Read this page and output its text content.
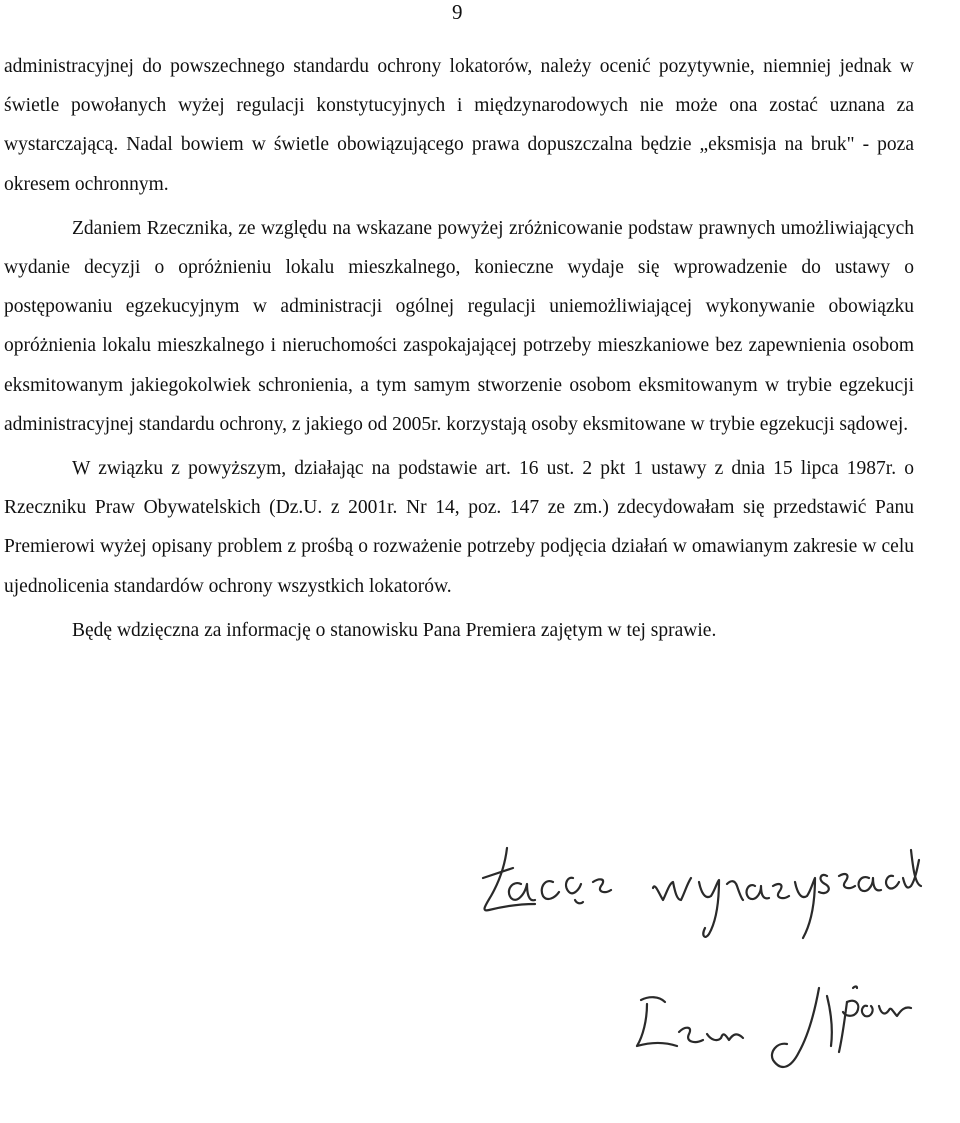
9

administracyjnej do powszechnego standardu ochrony lokatorów, należy ocenić pozytywnie, niemniej jednak w świetle powołanych wyżej regulacji konstytucyjnych i międzynarodowych nie może ona zostać uznana za wystarczającą. Nadal bowiem w świetle obowiązującego prawa dopuszczalna będzie „eksmisja na bruk" - poza okresem ochronnym.

Zdaniem Rzecznika, ze względu na wskazane powyżej zróżnicowanie podstaw prawnych umożliwiających wydanie decyzji o opróżnieniu lokalu mieszkalnego, konieczne wydaje się wprowadzenie do ustawy o postępowaniu egzekucyjnym w administracji ogólnej regulacji uniemożliwiającej wykonywanie obowiązku opróżnienia lokalu mieszkalnego i nieruchomości zaspokajającej potrzeby mieszkaniowe bez zapewnienia osobom eksmitowanym jakiegokolwiek schronienia, a tym samym stworzenie osobom eksmitowanym w trybie egzekucji administracyjnej standardu ochrony, z jakiego od 2005r. korzystają osoby eksmitowane w trybie egzekucji sądowej.

W związku z powyższym, działając na podstawie art. 16 ust. 2 pkt 1 ustawy z dnia 15 lipca 1987r. o Rzeczniku Praw Obywatelskich (Dz.U. z 2001r. Nr 14, poz. 147 ze zm.) zdecydowałam się przedstawić Panu Premierowi wyżej opisany problem z prośbą o rozważenie potrzeby podjęcia działań w omawianym zakresie w celu ujednolicenia standardów ochrony wszystkich lokatorów.

Będę wdzięczna za informację o stanowisku Pana Premiera zajętym w tej sprawie.
